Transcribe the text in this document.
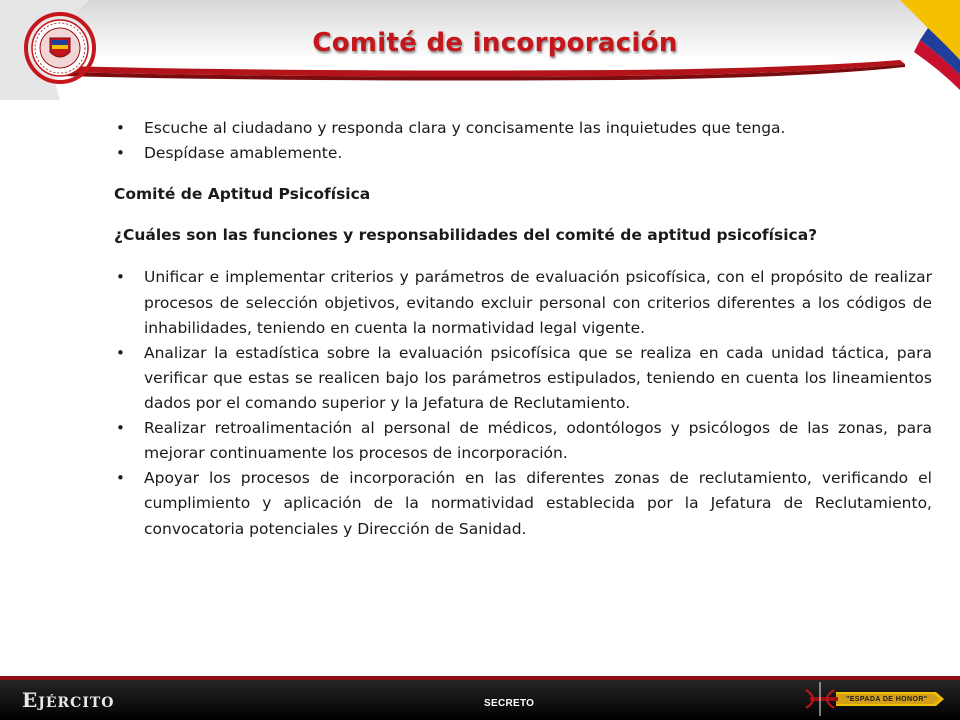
Comité de incorporación
• Escuche al ciudadano y responda clara y concisamente las inquietudes que tenga.
• Despídase amablemente.

Comité de Aptitud Psicofísica

¿Cuáles son las funciones y responsabilidades del comité de aptitud psicofísica?

• Unificar e implementar criterios y parámetros de evaluación psicofísica, con el propósito de realizar procesos de selección objetivos, evitando excluir personal con criterios diferentes a los códigos de inhabilidades, teniendo en cuenta la normatividad legal vigente.
• Analizar la estadística sobre la evaluación psicofísica que se realiza en cada unidad táctica, para verificar que estas se realicen bajo los parámetros estipulados, teniendo en cuenta los lineamientos dados por el comando superior y la Jefatura de Reclutamiento.
• Realizar retroalimentación al personal de médicos, odontólogos y psicólogos de las zonas, para mejorar continuamente los procesos de incorporación.
• Apoyar los procesos de incorporación en las diferentes zonas de reclutamiento, verificando el cumplimiento y aplicación de la normatividad establecida por la Jefatura de Reclutamiento, convocatoria potenciales y Dirección de Sanidad.
Ejército	SECRETO	"ESPADA DE HONOR"
